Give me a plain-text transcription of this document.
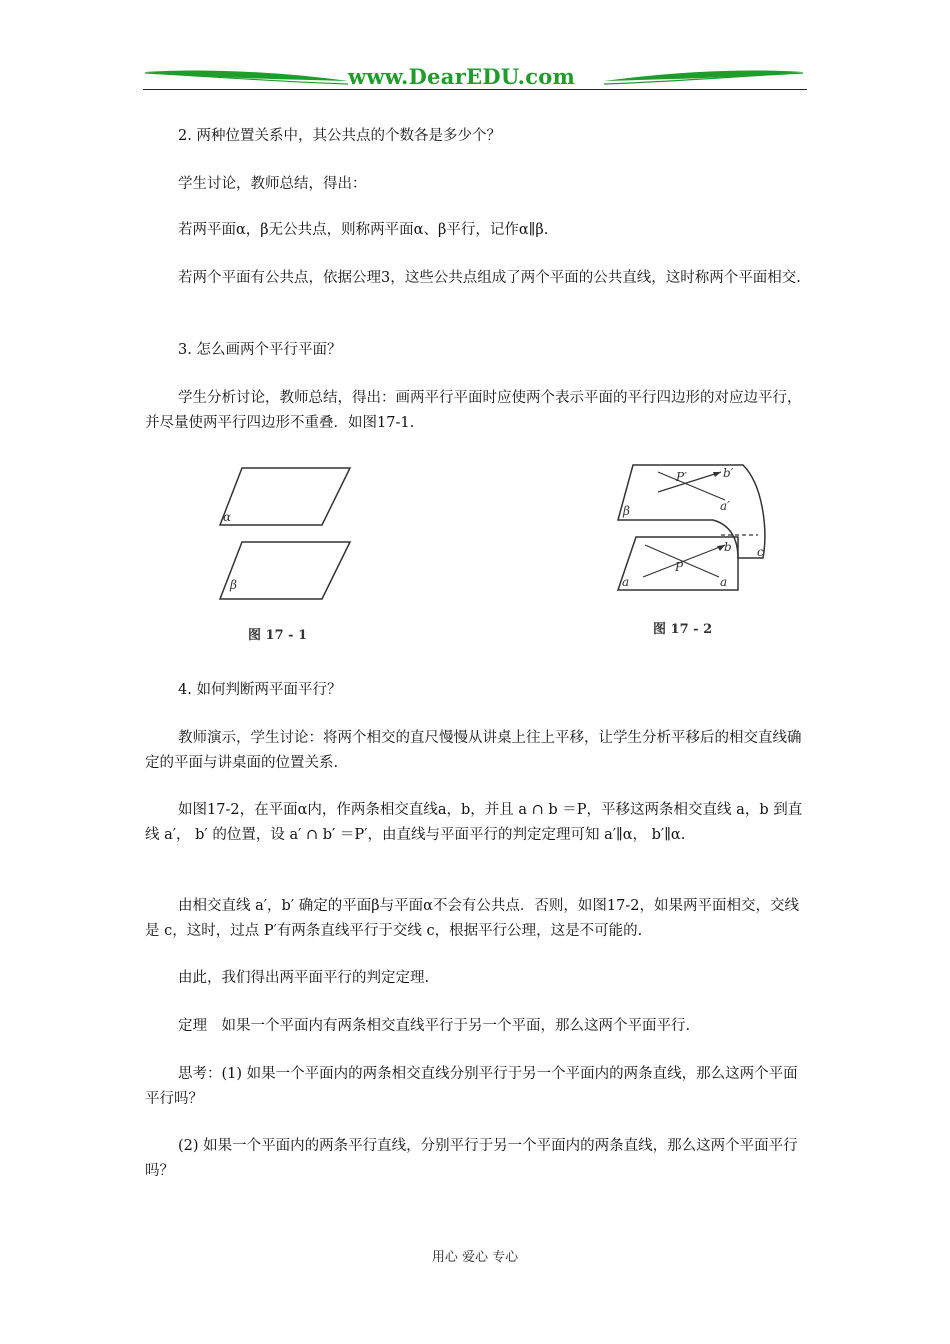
www.DearEDU.com

2. 两种位置关系中，其公共点的个数各是多少个？

学生讨论，教师总结，得出：

若两平面α，β无公共点，则称两平面α、β平行，记作α∥β.

若两个平面有公共点，依据公理3，这些公共点组成了两个平面的公共直线，这时称两个平面相交.

3. 怎么画两个平行平面？

学生分析讨论，教师总结，得出：画两平行平面时应使两个表示平面的平行四边形的对应边平行，并尽量使两平行四边形不重叠．如图17-1.

α
β
图 17 - 1
P′	b′
a′
β
c
P
b
a
a
图 17 - 2

4. 如何判断两平面平行？

教师演示，学生讨论：将两个相交的直尺慢慢从讲桌上往上平移，让学生分析平移后的相交直线确定的平面与讲桌面的位置关系.

如图17-2，在平面α内，作两条相交直线a，b，并且 a ∩ b ＝P，平移这两条相交直线 a，b 到直线 a′， b′ 的位置，设 a′ ∩ b′ ＝P′，由直线与平面平行的判定定理可知 a′∥α， b′∥α.

由相交直线 a′，b′ 确定的平面β与平面α不会有公共点．否则，如图17-2，如果两平面相交，交线是 c，这时，过点 P′有两条直线平行于交线 c，根据平行公理，这是不可能的.

由此，我们得出两平面平行的判定定理.

定理　如果一个平面内有两条相交直线平行于另一个平面，那么这两个平面平行.

思考：(1) 如果一个平面内的两条相交直线分别平行于另一个平面内的两条直线，那么这两个平面平行吗？

(2) 如果一个平面内的两条平行直线，分别平行于另一个平面内的两条直线，那么这两个平面平行吗？

用心 爱心 专心
